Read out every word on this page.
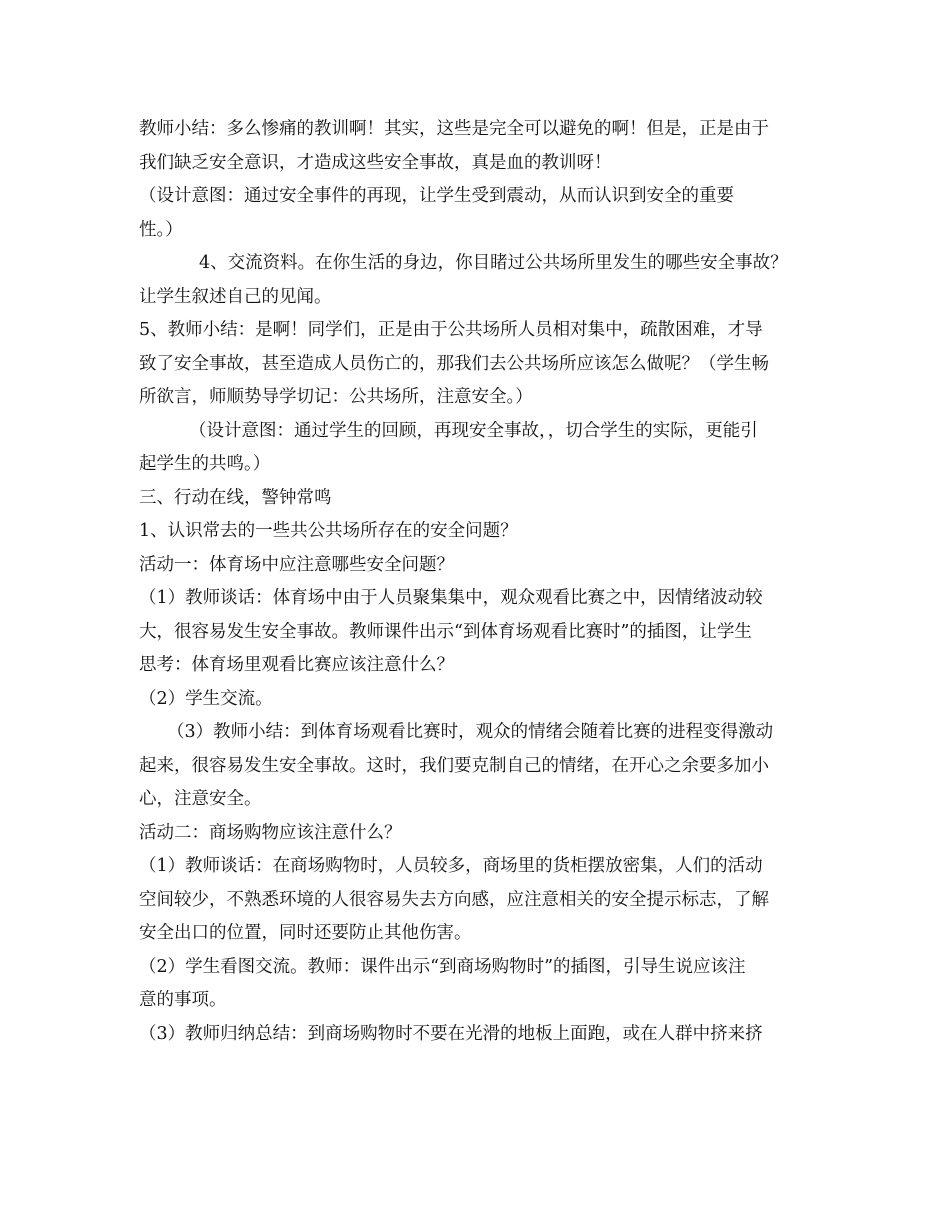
教师小结：多么惨痛的教训啊！其实，这些是完全可以避免的啊！但是，正是由于
我们缺乏安全意识，才造成这些安全事故，真是血的教训呀！
（设计意图：通过安全事件的再现，让学生受到震动，从而认识到安全的重要
性。）
4、交流资料。在你生活的身边，你目睹过公共场所里发生的哪些安全事故？
让学生叙述自己的见闻。
5、教师小结：是啊！同学们，正是由于公共场所人员相对集中，疏散困难，才导
致了安全事故，甚至造成人员伤亡的，那我们去公共场所应该怎么做呢？（学生畅
所欲言，师顺势导学切记：公共场所，注意安全。）
（设计意图：通过学生的回顾，再现安全事故，，切合学生的实际，更能引
起学生的共鸣。）
三、行动在线，警钟常鸣
1、认识常去的一些共公共场所存在的安全问题？
活动一：体育场中应注意哪些安全问题？
（1）教师谈话：体育场中由于人员聚集集中，观众观看比赛之中，因情绪波动较
大，很容易发生安全事故。教师课件出示“到体育场观看比赛时”的插图，让学生
思考：体育场里观看比赛应该注意什么？
（2）学生交流。
（3）教师小结：到体育场观看比赛时，观众的情绪会随着比赛的进程变得激动
起来，很容易发生安全事故。这时，我们要克制自己的情绪，在开心之余要多加小
心，注意安全。
活动二：商场购物应该注意什么？
（1）教师谈话：在商场购物时，人员较多，商场里的货柜摆放密集，人们的活动
空间较少，不熟悉环境的人很容易失去方向感，应注意相关的安全提示标志，了解
安全出口的位置，同时还要防止其他伤害。
（2）学生看图交流。教师：课件出示“到商场购物时”的插图，引导生说应该注
意的事项。
（3）教师归纳总结：到商场购物时不要在光滑的地板上面跑，或在人群中挤来挤
